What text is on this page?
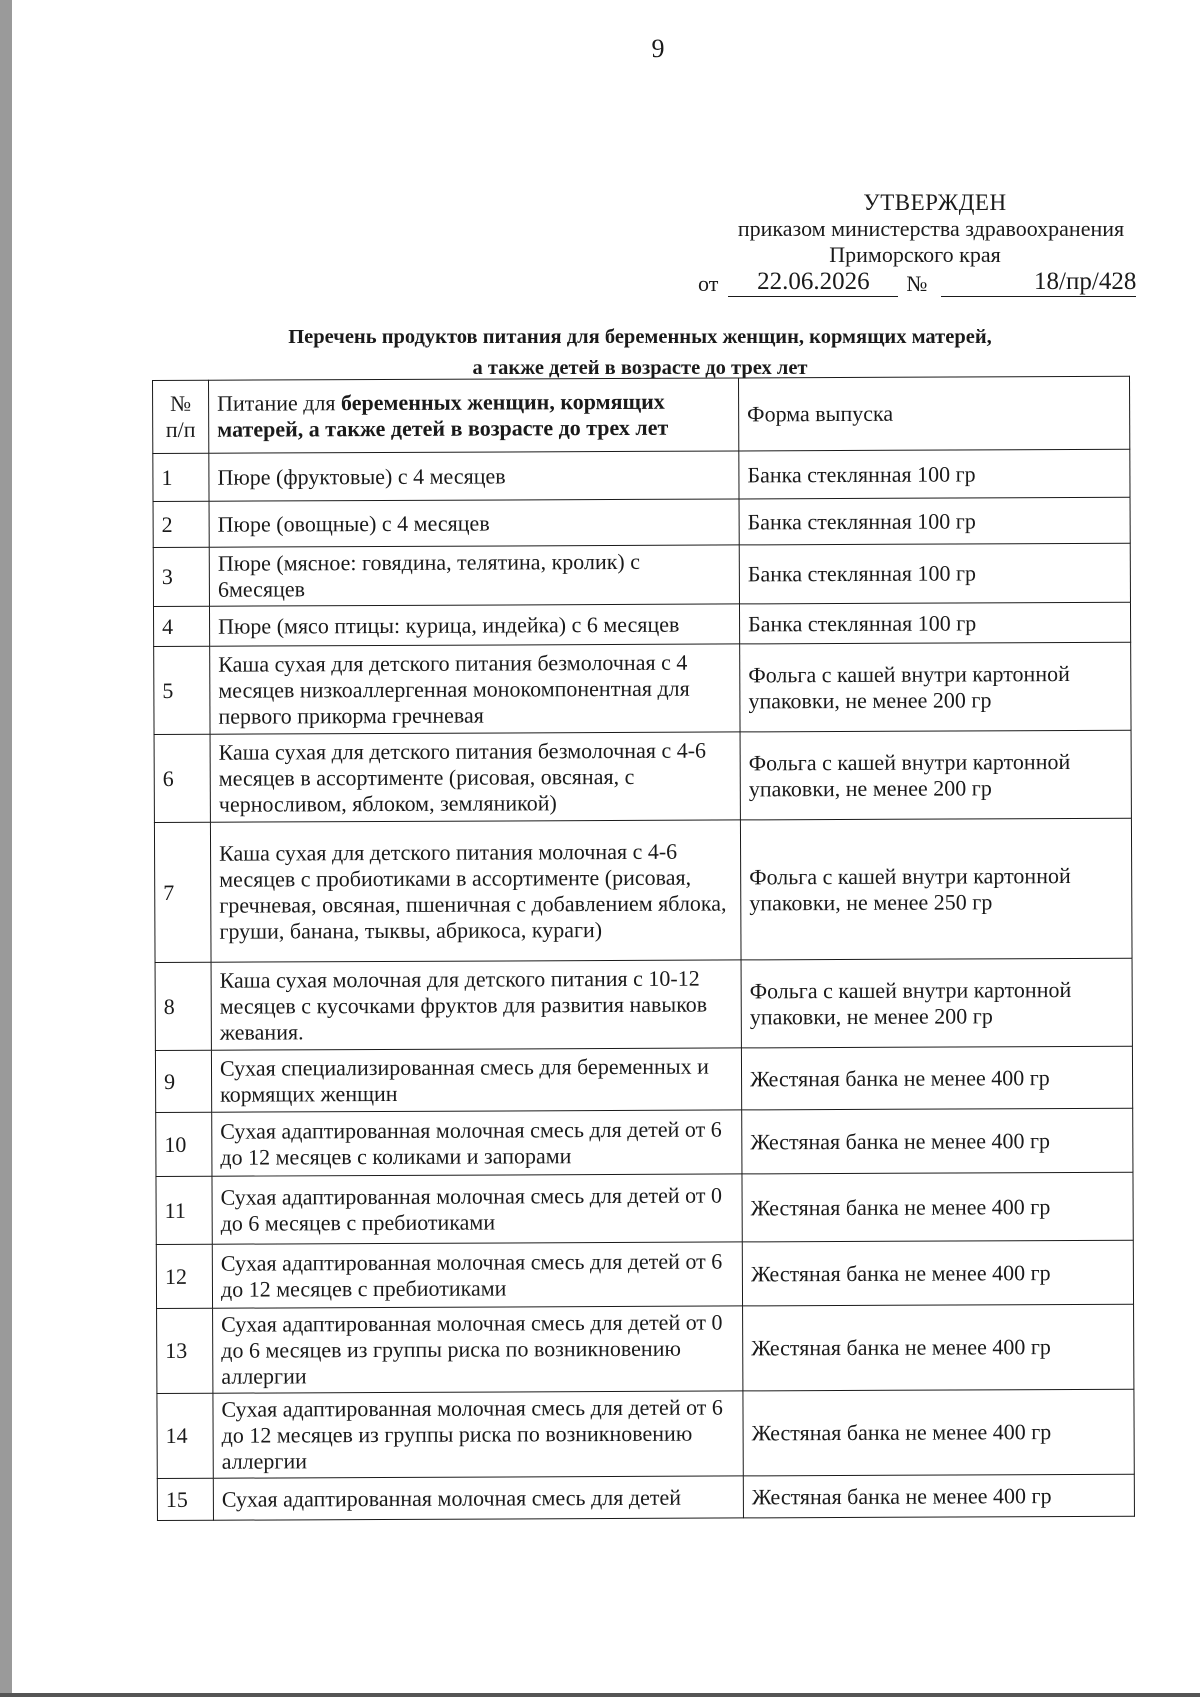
9
УТВЕРЖДЕН
приказом министерства здравоохранения
Приморского края
от	22.06.2026	№	18/пр/428
Перечень продуктов питания для беременных женщин, кормящих матерей,
а также детей в возрасте до трех лет
№ п/п	Питание для беременных женщин, кормящих матерей, а также детей в возрасте до трех лет	Форма выпуска
1	Пюре (фруктовые) с 4 месяцев	Банка стеклянная 100 гр
2	Пюре (овощные) с 4 месяцев	Банка стеклянная 100 гр
3	Пюре (мясное: говядина, телятина, кролик) с 6месяцев	Банка стеклянная 100 гр
4	Пюре (мясо птицы: курица, индейка) с 6 месяцев	Банка стеклянная 100 гр
5	Каша сухая для детского питания безмолочная с 4 месяцев низкоаллергенная монокомпонентная для первого прикорма гречневая	Фольга с кашей внутри картонной упаковки, не менее 200 гр
6	Каша сухая для детского питания безмолочная с 4-6 месяцев в ассортименте (рисовая, овсяная, с черносливом, яблоком, земляникой)	Фольга с кашей внутри картонной упаковки, не менее 200 гр
7	Каша сухая для детского питания молочная с 4-6 месяцев с пробиотиками в ассортименте (рисовая, гречневая, овсяная, пшеничная с добавлением яблока, груши, банана, тыквы, абрикоса, кураги)	Фольга с кашей внутри картонной упаковки, не менее 250 гр
8	Каша сухая молочная для детского питания с 10-12 месяцев с кусочками фруктов для развития навыков жевания.	Фольга с кашей внутри картонной упаковки, не менее 200 гр
9	Сухая специализированная смесь для беременных и кормящих женщин	Жестяная банка не менее 400 гр
10	Сухая адаптированная молочная смесь для детей от 6 до 12 месяцев с коликами и запорами	Жестяная банка не менее 400 гр
11	Сухая адаптированная молочная смесь для детей от 0 до 6 месяцев с пребиотиками	Жестяная банка не менее 400 гр
12	Сухая адаптированная молочная смесь для детей от 6 до 12 месяцев с пребиотиками	Жестяная банка не менее 400 гр
13	Сухая адаптированная молочная смесь для детей от 0 до 6 месяцев из группы риска по возникновению аллергии	Жестяная банка не менее 400 гр
14	Сухая адаптированная молочная смесь для детей от 6 до 12 месяцев из группы риска по возникновению аллергии	Жестяная банка не менее 400 гр
15	Сухая адаптированная молочная смесь для детей	Жестяная банка не менее 400 гр
